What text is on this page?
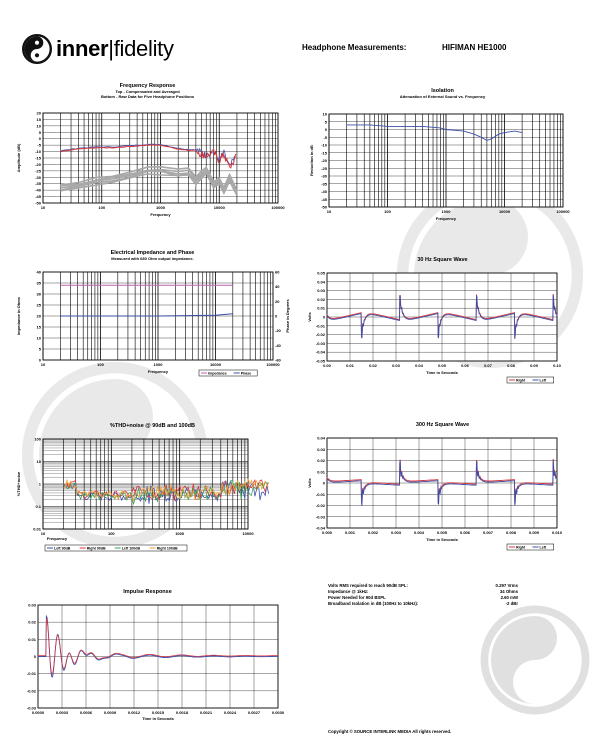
inner|fidelity	Headphone Measurements:	HIFIMAN HE1000
Frequency Response
Top - Compensated and Averaged
Bottom - Raw Data for Five Headphone Positions
20
15
10
5
0
-5
-10
-15
-20
-25
-30
-35
-40
-45
-50
10	100	1000	10000	100000
Amplitude (dB)
Frequency
Isolation
Attenuation of External Sound vs. Frequency
10
5
0
-5
-10
-15
-20
-25
-30
-35
-40
-45
-50
10	100	1000	10000	100000
Reduction in dB
Frequency
Electrical Impedance and Phase
Measured with 680 Ohm output impedance.
40
35
30
25
20
15
10
5
0
60
40
20
0
-20
-40
-60
10	100	1000	10000	100000
Impedance in Ohms	Phase in Degrees
Frequency	Impedance	Phase
30 Hz Square Wave
0.05
0.04
0.03
0.02
0.01
0
-0.01
-0.02
-0.03
-0.04
-0.05
0.00	0.01	0.02	0.03	0.04	0.05	0.06	0.07	0.08	0.09	0.10
Volts
Time in Seconds
Right	Left
%THD+noise @ 90dB and 100dB
100
10
1
0.1
0.01
10	100	1000	10000
%THD+noise
Frequency
Left 90dB	Right 90dB	Left 100dB	Right 100dB
300 Hz Square Wave
0.04
0.03
0.02
0.01
0
-0.01
-0.02
-0.03
-0.04
0.000	0.001	0.002	0.003	0.004	0.005	0.006	0.007	0.008	0.009	0.010
Volts
Time in Seconds
Right	Left
Impulse Response
0.03
0.02
0.01
0
-0.01
-0.02
-0.03
0.0000	0.0003	0.0006	0.0009	0.0012	0.0015	0.0018	0.0021	0.0024	0.0027	0.0030
Time in Seconds
Volts RMS required to reach 90dB SPL:	0.297 Vrms
Impedance @ 1kHz:	34 Ohms
Power Needed for 90d BSPL	2.60 mW
Broadband Isolation in dB (100Hz to 10kHz):	-2 dBr
Copyright © SOURCE INTERLINK MEDIA All rights reserved.
